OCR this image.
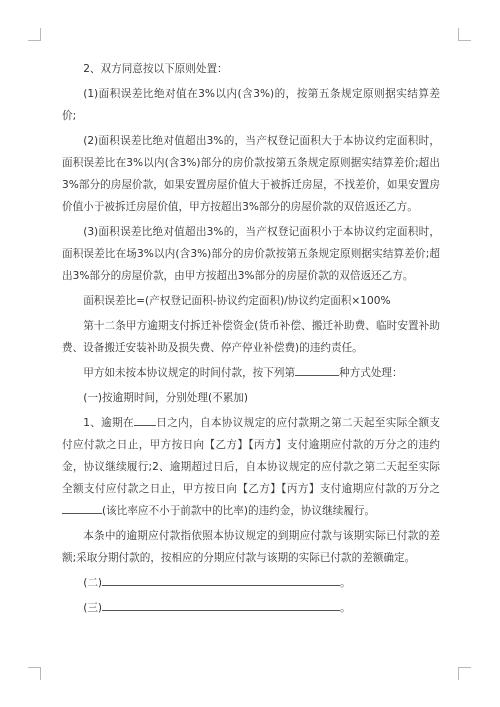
2、双方同意按以下原则处置：

(1)面积误差比绝对值在3%以内(含3%)的，按第五条规定原则据实结算差价;

(2)面积误差比绝对值超出3%的，当产权登记面积大于本协议约定面积时，面积误差比在3%以内(含3%)部分的房价款按第五条规定原则据实结算差价;超出3%部分的房屋价款，如果安置房屋价值大于被拆迁房屋，不找差价，如果安置房价值小于被拆迁房屋价值，甲方按超出3%部分的房屋价款的双倍返还乙方。

(3)面积误差比绝对值超出3%的，当产权登记面积小于本协议约定面积时，面积误差比在场3%以内(含3%)部分的房价款按第五条规定原则据实结算差价;超出3%部分的房屋价款，由甲方按超出3%部分的房屋价款的双倍返还乙方。

面积误差比=(产权登记面积-协议约定面积)/协议约定面积×100%

第十二条甲方逾期支付拆迁补偿资金(货币补偿、搬迁补助费、临时安置补助费、设备搬迁安装补助及损失费、停产停业补偿费)的违约责任。

甲方如未按本协议规定的时间付款，按下列第	种方式处理：

(一)按逾期时间，分别处理(不累加)

1、逾期在 日之内，自本协议规定的应付款期之第二天起至实际全额支付应付款之日止，甲方按日向【乙方】【丙方】支付逾期应付款的万分之的违约金，协议继续履行;2、逾期超过日后，自本协议规定的应付款之第二天起至实际全额支付应付款之日止，甲方按日向【乙方】【丙方】支付逾期应付款的万分之(该比率应不小于前款中的比率)的违约金，协议继续履行。

本条中的逾期应付款指依照本协议规定的到期应付款与该期实际已付款的差额;采取分期付款的，按相应的分期应付款与该期的实际已付款的差额确定。

(二)	。

(三)	。
